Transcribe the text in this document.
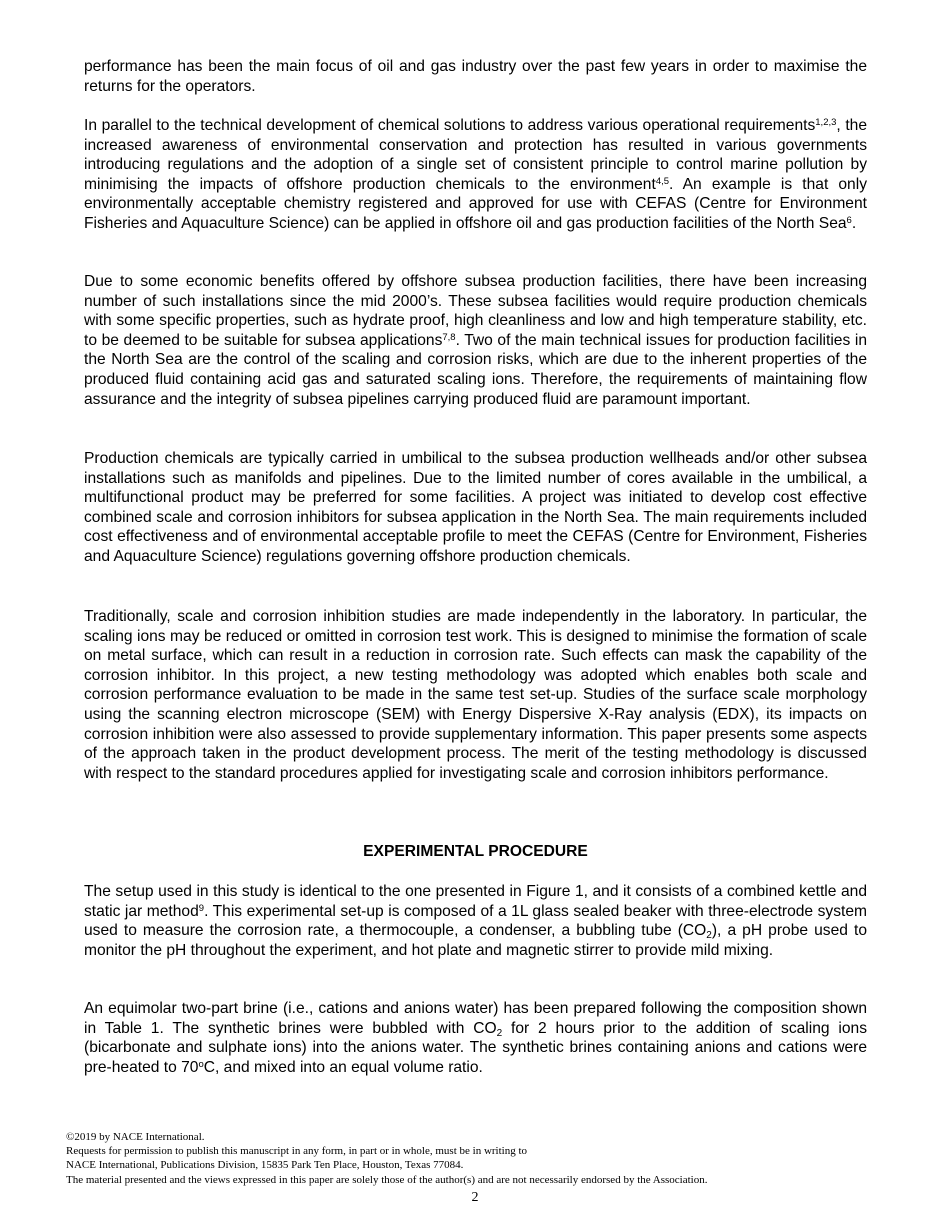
performance has been the main focus of oil and gas industry over the past few years in order to maximise the returns for the operators.

In parallel to the technical development of chemical solutions to address various operational requirements$^{1,2,3}$, the increased awareness of environmental conservation and protection has resulted in various governments introducing regulations and the adoption of a single set of consistent principle to control marine pollution by minimising the impacts of offshore production chemicals to the environment$^{4,5}$. An example is that only environmentally acceptable chemistry registered and approved for use with CEFAS (Centre for Environment Fisheries and Aquaculture Science) can be applied in offshore oil and gas production facilities of the North Sea$^6$.

Due to some economic benefits offered by offshore subsea production facilities, there have been increasing number of such installations since the mid 2000’s. These subsea facilities would require production chemicals with some specific properties, such as hydrate proof, high cleanliness and low and high temperature stability, etc. to be deemed to be suitable for subsea applications$^{7,8}$. Two of the main technical issues for production facilities in the North Sea are the control of the scaling and corrosion risks, which are due to the inherent properties of the produced fluid containing acid gas and saturated scaling ions. Therefore, the requirements of maintaining flow assurance and the integrity of subsea pipelines carrying produced fluid are paramount important.

Production chemicals are typically carried in umbilical to the subsea production wellheads and/or other subsea installations such as manifolds and pipelines. Due to the limited number of cores available in the umbilical, a multifunctional product may be preferred for some facilities. A project was initiated to develop cost effective combined scale and corrosion inhibitors for subsea application in the North Sea. The main requirements included cost effectiveness and of environmental acceptable profile to meet the CEFAS (Centre for Environment, Fisheries and Aquaculture Science) regulations governing offshore production chemicals.

Traditionally, scale and corrosion inhibition studies are made independently in the laboratory. In particular, the scaling ions may be reduced or omitted in corrosion test work. This is designed to minimise the formation of scale on metal surface, which can result in a reduction in corrosion rate. Such effects can mask the capability of the corrosion inhibitor. In this project, a new testing methodology was adopted which enables both scale and corrosion performance evaluation to be made in the same test set-up. Studies of the surface scale morphology using the scanning electron microscope (SEM) with Energy Dispersive X-Ray analysis (EDX), its impacts on corrosion inhibition were also assessed to provide supplementary information. This paper presents some aspects of the approach taken in the product development process. The merit of the testing methodology is discussed with respect to the standard procedures applied for investigating scale and corrosion inhibitors performance.

EXPERIMENTAL PROCEDURE

The setup used in this study is identical to the one presented in Figure 1, and it consists of a combined kettle and static jar method$^9$. This experimental set-up is composed of a 1L glass sealed beaker with three-electrode system used to measure the corrosion rate, a thermocouple, a condenser, a bubbling tube $(CO_2)$, a pH probe used to monitor the pH throughout the experiment, and hot plate and magnetic stirrer to provide mild mixing.

An equimolar two-part brine (i.e., cations and anions water) has been prepared following the composition shown in Table 1. The synthetic brines were bubbled with $CO_2$ for 2 hours prior to the addition of scaling ions (bicarbonate and sulphate ions) into the anions water. The synthetic brines containing anions and cations were pre-heated to 70$^o$C, and mixed into an equal volume ratio.

©2019 by NACE International.
Requests for permission to publish this manuscript in any form, in part or in whole, must be in writing to
NACE International, Publications Division, 15835 Park Ten Place, Houston, Texas 77084.
The material presented and the views expressed in this paper are solely those of the author(s) and are not necessarily endorsed by the Association.
2
